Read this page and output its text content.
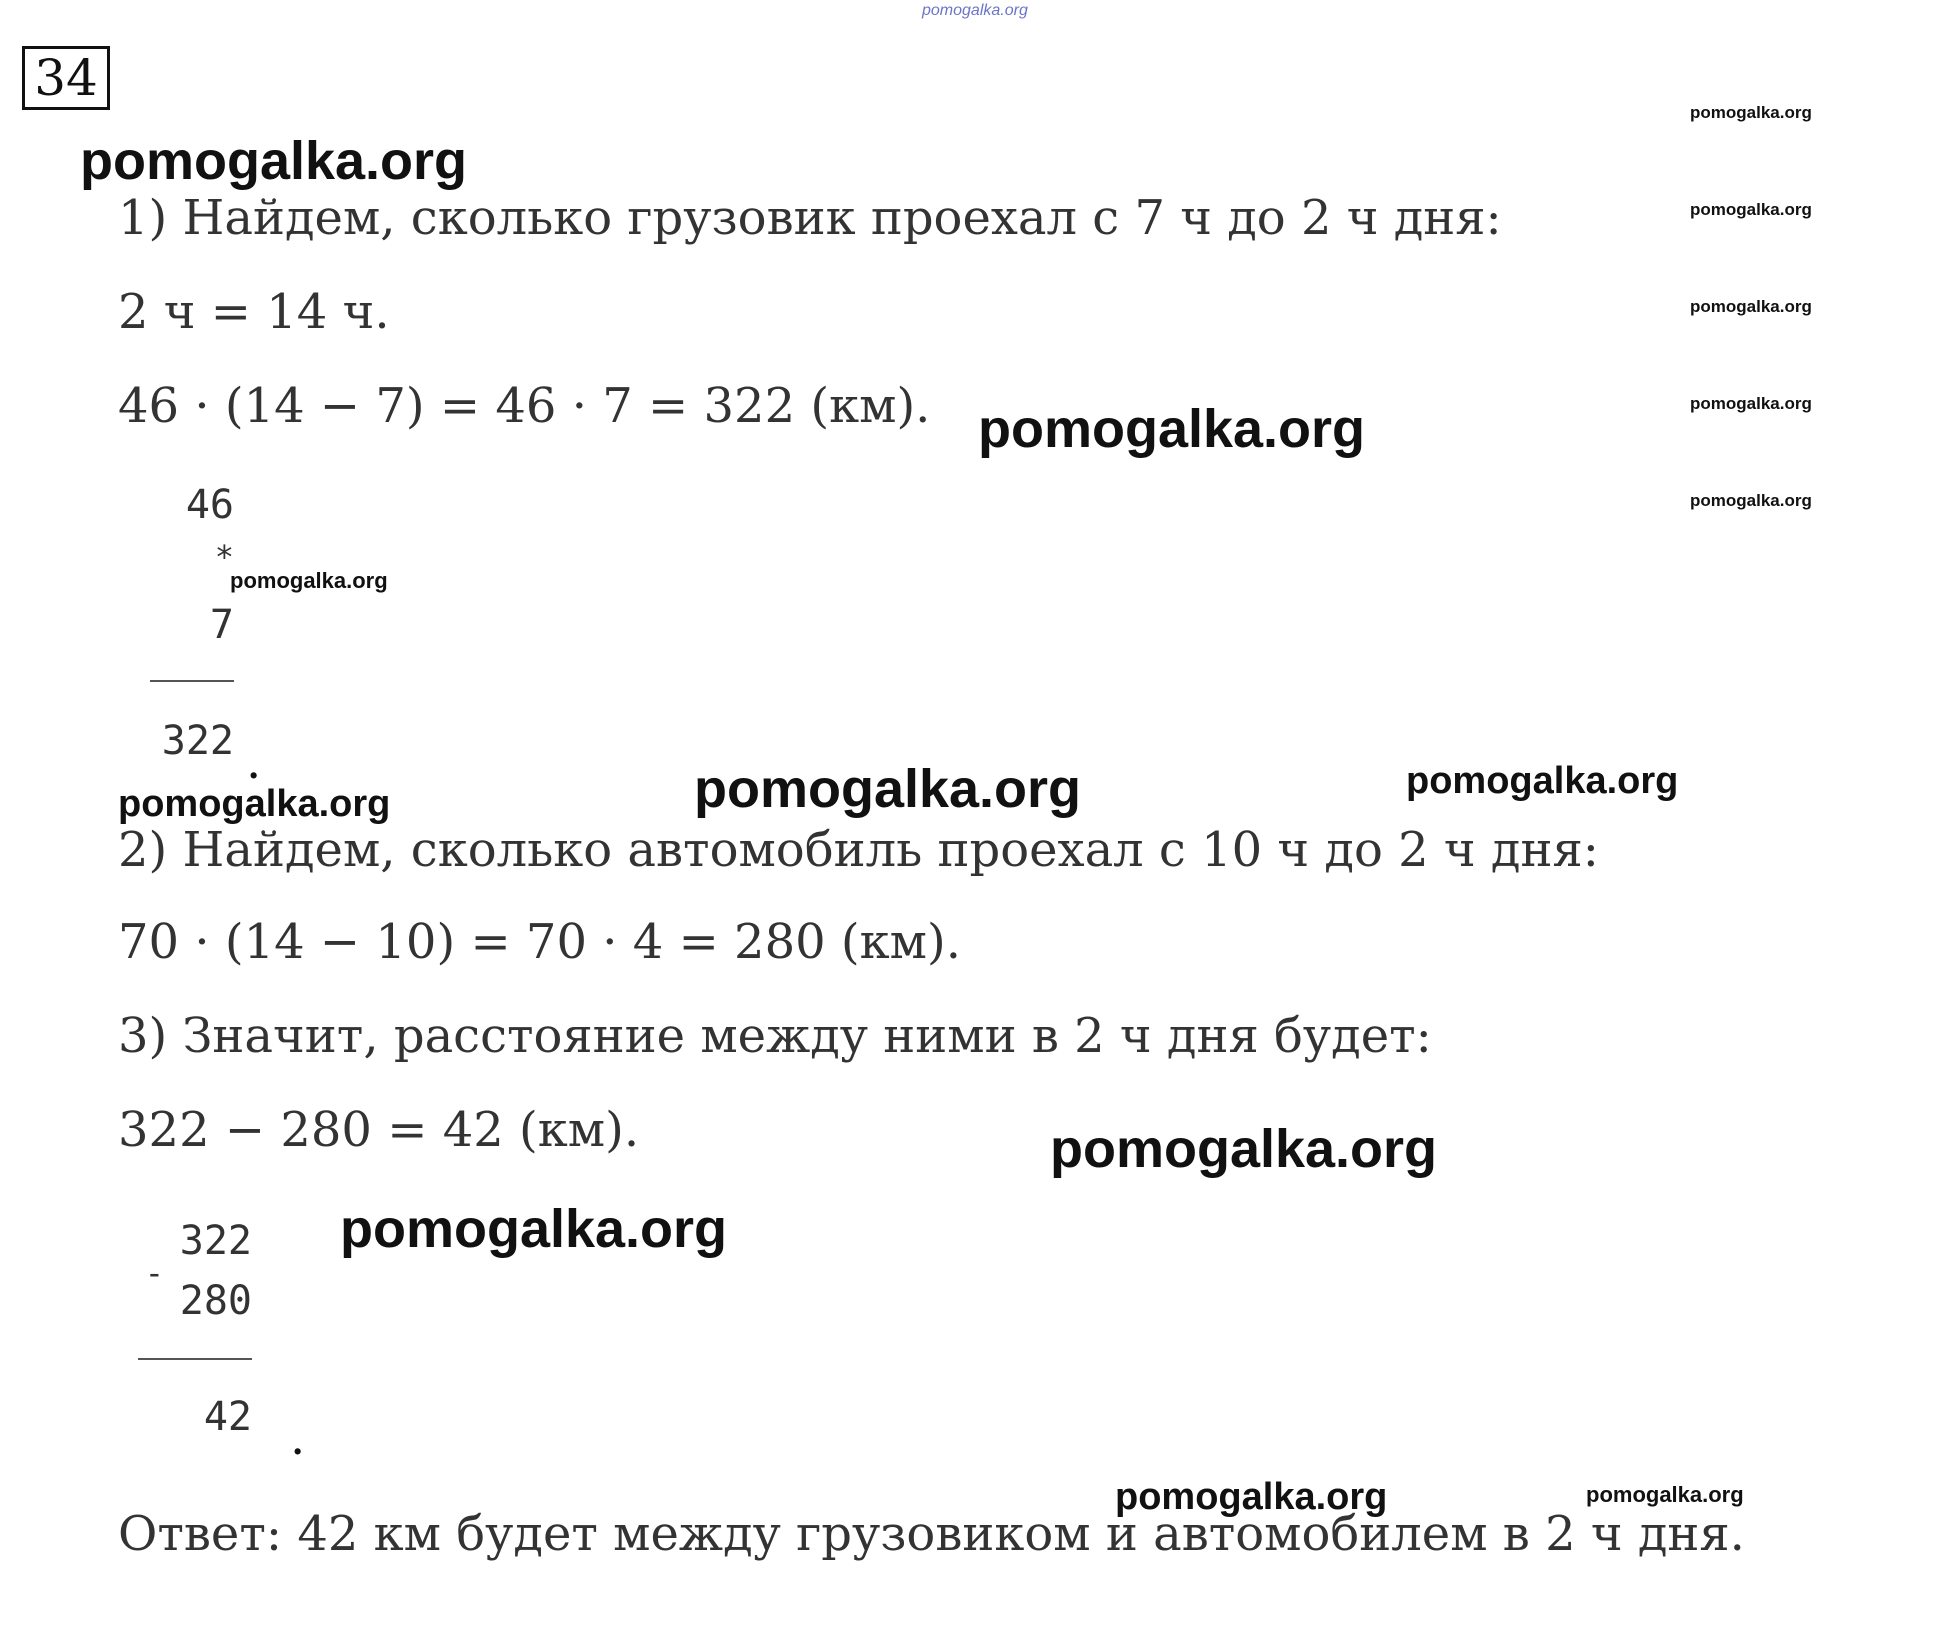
pomogalka.org
34
pomogalka.org
pomogalka.org
pomogalka.org
pomogalka.org
pomogalka.org
pomogalka.org
pomogalka.org
pomogalka.org
pomogalka.org
pomogalka.org
pomogalka.org
pomogalka.org
pomogalka.org	pomogalka.org
pomogalka.org
1) Найдем, сколько грузовик проехал с 7 ч до 2 ч дня:
2 ч = 14 ч.
46 · (14 − 7) = 46 · 7 = 322 (км).
46
*
7
322 .
2) Найдем, сколько автомобиль проехал с 10 ч до 2 ч дня:
70 · (14 − 10) = 70 · 4 = 280 (км).
3) Значит, расстояние между ними в 2 ч дня будет:
322 − 280 = 42 (км).
-
322
280
42 .
Ответ: 42 км будет между грузовиком и автомобилем в 2 ч дня.
